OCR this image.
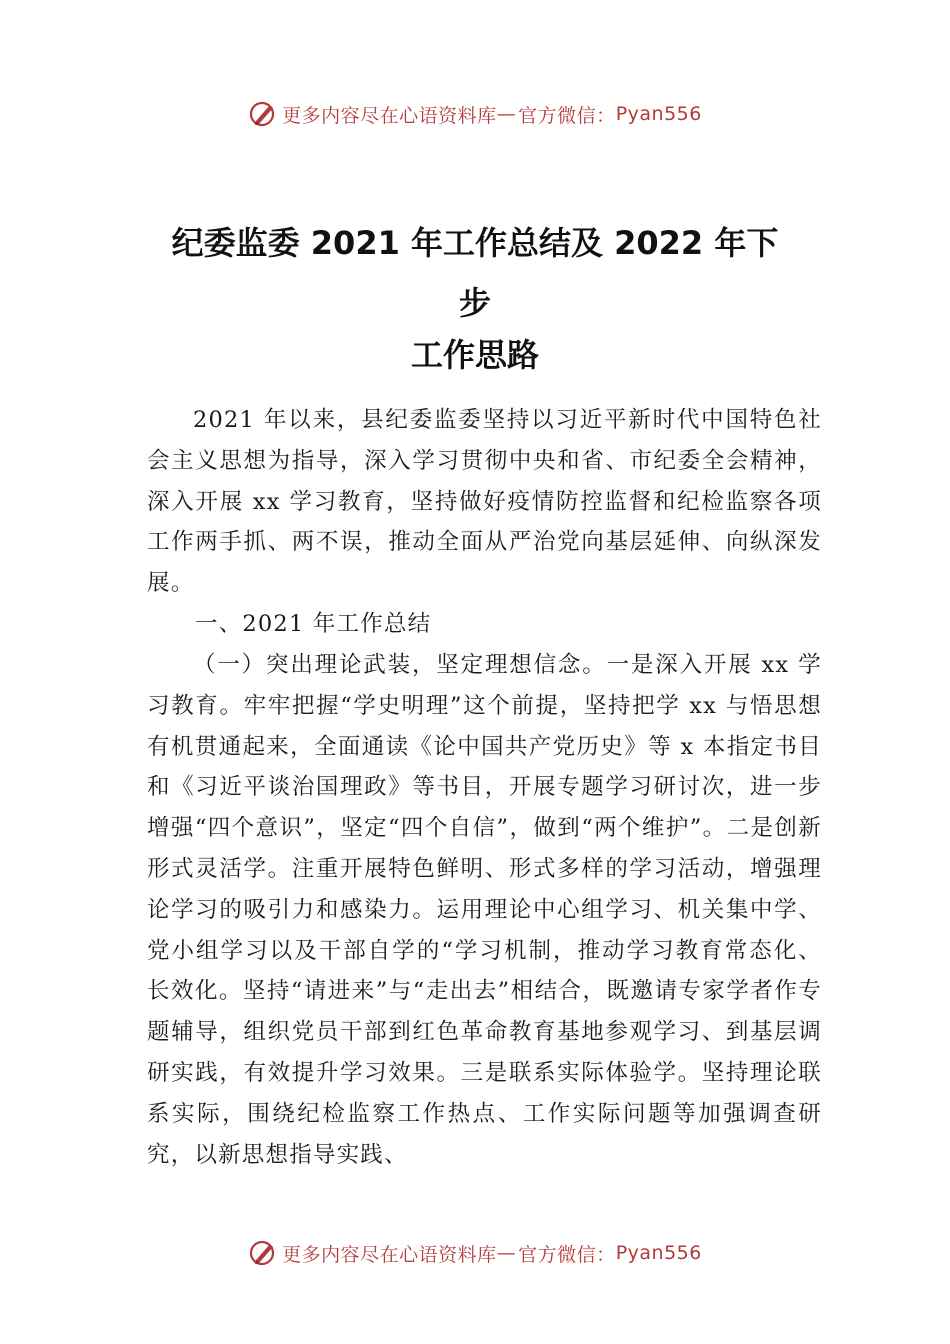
更多内容尽在心语资料库 — 官方微信： Pyan556
纪委监委 2021 年工作总结及 2022 年下
步
工作思路
2021 年以来，县纪委监委坚持以习近平新时代中国特色社会主义思想为指导，深入学习贯彻中央和省、市纪委全会精神，深入开展 xx 学习教育，坚持做好疫情防控监督和纪检监察各项工作两手抓、两不误，推动全面从严治党向基层延伸、向纵深发展。
一、2021 年工作总结
（一）突出理论武装，坚定理想信念。一是深入开展 xx 学习教育。牢牢把握“学史明理”这个前提，坚持把学 xx 与悟思想有机贯通起来，全面通读《论中国共产党历史》等 x 本指定书目和《习近平谈治国理政》等书目，开展专题学习研讨次，进一步增强“四个意识”，坚定“四个自信”，做到“两个维护”。二是创新形式灵活学。注重开展特色鲜明、形式多样的学习活动，增强理论学习的吸引力和感染力。运用理论中心组学习、机关集中学、党小组学习以及干部自学的“学习机制，推动学习教育常态化、长效化。坚持“请进来”与“走出去”相结合，既邀请专家学者作专题辅导，组织党员干部到红色革命教育基地参观学习、到基层调研实践，有效提升学习效果。三是联系实际体验学。坚持理论联系实际，围绕纪检监察工作热点、工作实际问题等加强调查研究，以新思想指导实践、
更多内容尽在心语资料库 — 官方微信： Pyan556
